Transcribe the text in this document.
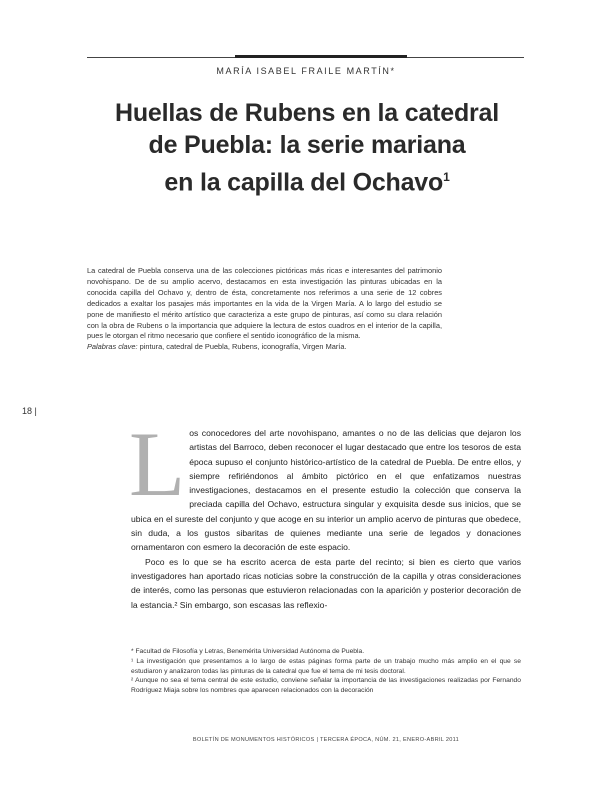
MARÍA ISABEL FRAILE MARTÍN*
Huellas de Rubens en la catedral
de Puebla: la serie mariana
en la capilla del Ochavo$^1$
La catedral de Puebla conserva una de las colecciones pictóricas más ricas e interesantes del patrimonio novohispano. De de su amplio acervo, destacamos en esta investigación las pinturas ubicadas en la conocida capilla del Ochavo y, dentro de ésta, concretamente nos referimos a una serie de 12 cobres dedicados a exaltar los pasajes más importantes en la vida de la Virgen María. A lo largo del estudio se pone de manifiesto el mérito artístico que caracteriza a este grupo de pinturas, así como su clara relación con la obra de Rubens o la importancia que adquiere la lectura de estos cuadros en el interior de la capilla, pues le otorgan el ritmo necesario que confiere el sentido iconográfico de la misma.
Palabras clave: pintura, catedral de Puebla, Rubens, iconografía, Virgen María.
18 |
L os conocedores del arte novohispano, amantes o no de las delicias que dejaron los artistas del Barroco, deben reconocer el lugar destacado que entre los tesoros de esta época supuso el conjunto histórico-artístico de la catedral de Puebla. De entre ellos, y siempre refiriéndonos al ámbito pictórico en el que enfatizamos nuestras investigaciones, destacamos en el presente estudio la colección que conserva la preciada capilla del Ochavo, estructura singular y exquisita desde sus inicios, que se ubica en el sureste del conjunto y que acoge en su interior un amplio acervo de pinturas que obedece, sin duda, a los gustos sibaritas de quienes mediante una serie de legados y donaciones ornamentaron con esmero la decoración de este espacio.

Poco es lo que se ha escrito acerca de esta parte del recinto; si bien es cierto que varios investigadores han aportado ricas noticias sobre la construcción de la capilla y otras consideraciones de interés, como las personas que estuvieron relacionadas con la aparición y posterior decoración de la estancia.² Sin embargo, son escasas las reflexio-

* Facultad de Filosofía y Letras, Benemérita Universidad Autónoma de Puebla.

¹ La investigación que presentamos a lo largo de estas páginas forma parte de un trabajo mucho más amplio en el que se estudiaron y analizaron todas las pinturas de la catedral que fue el tema de mi tesis doctoral.

² Aunque no sea el tema central de este estudio, conviene señalar la importancia de las investigaciones realizadas por Fernando Rodríguez Miaja sobre los nombres que aparecen relacionados con la decoración

BOLETÍN DE MONUMENTOS HISTÓRICOS | TERCERA ÉPOCA, NÚM. 21, ENERO-ABRIL 2011
